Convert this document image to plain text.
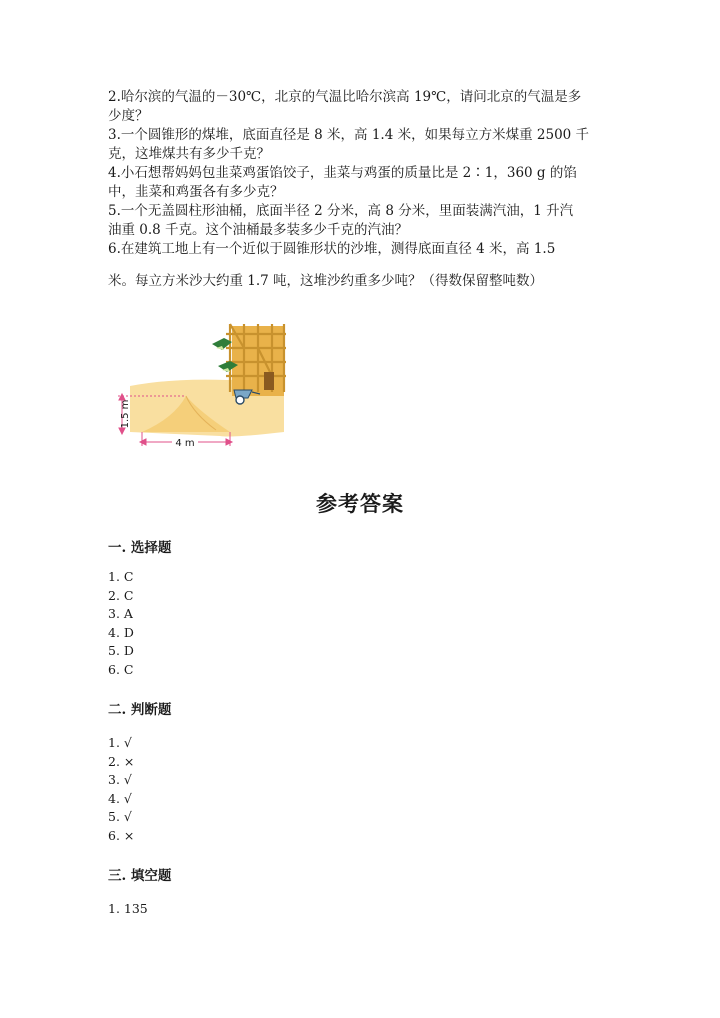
2.哈尔滨的气温的－30℃，北京的气温比哈尔滨高 19℃，请问北京的气温是多
少度？

3.一个圆锥形的煤堆，底面直径是 8 米，高 1.4 米，如果每立方米煤重 2500 千
克，这堆煤共有多少千克？

4.小石想帮妈妈包韭菜鸡蛋馅饺子，韭菜与鸡蛋的质量比是 2∶1，360 g 的馅
中，韭菜和鸡蛋各有多少克？

5.一个无盖圆柱形油桶，底面半径 2 分米，高 8 分米，里面装满汽油，1 升汽
油重 0.8 千克。这个油桶最多装多少千克的汽油？

6.在建筑工地上有一个近似于圆锥形状的沙堆，测得底面直径 4 米，高 1.5

米。每立方米沙大约重 1.7 吨，这堆沙约重多少吨？（得数保留整吨数）

1.5 m
4 m
参考答案

一. 选择题

1. C
2. C
3. A
4. D
5. D
6. C

二. 判断题

1. √
2. ×
3. √
4. √
5. √
6. ×

三. 填空题

1. 135
